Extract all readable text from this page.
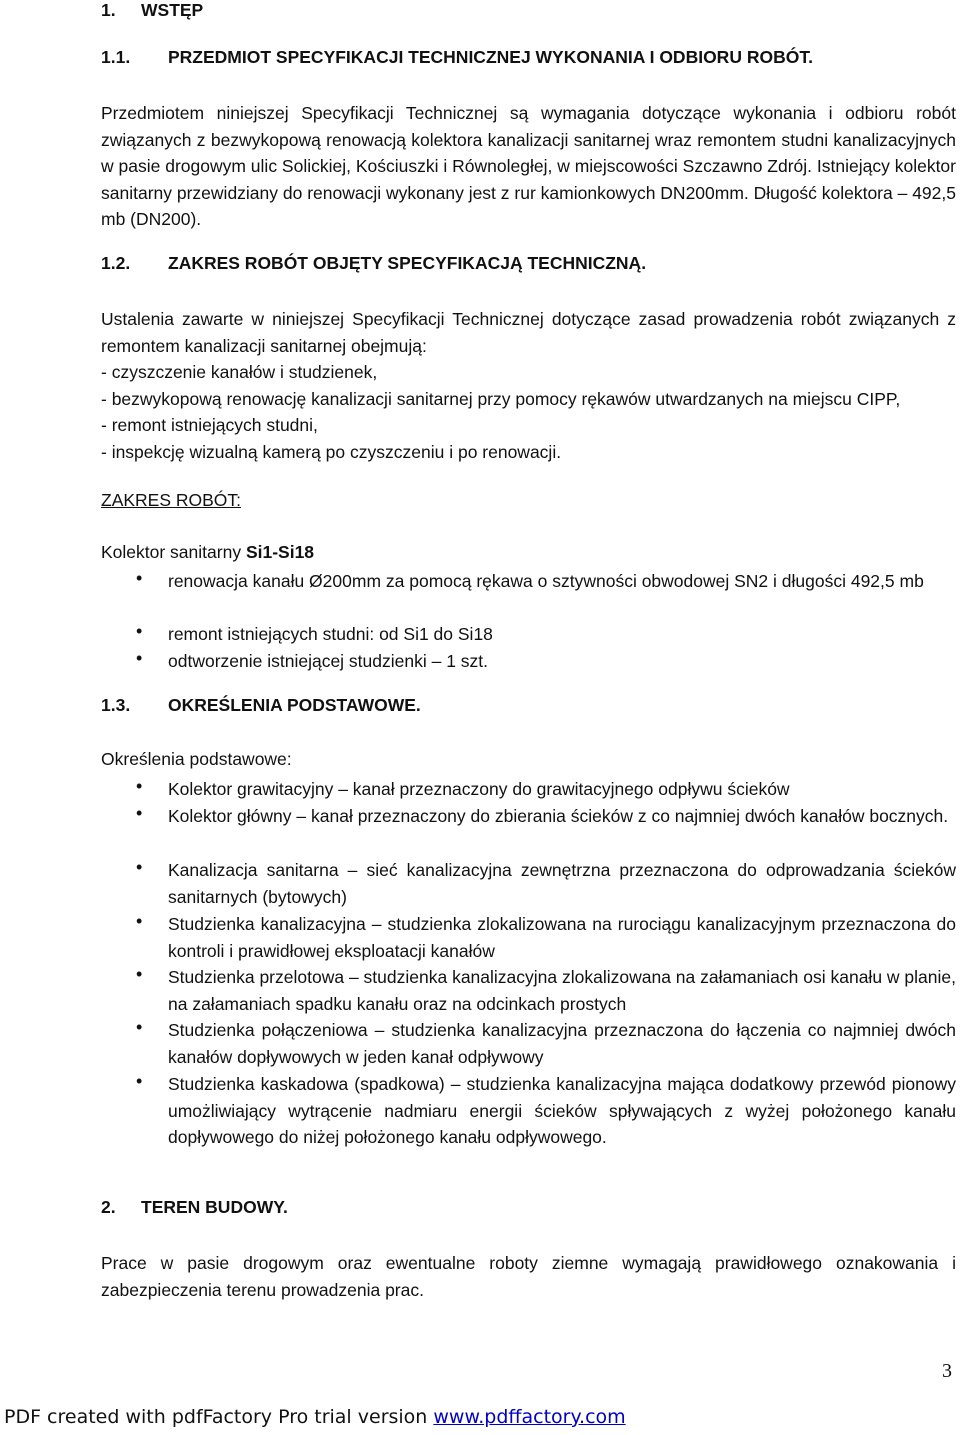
1. WSTĘP
1.1. PRZEDMIOT SPECYFIKACJI TECHNICZNEJ WYKONANIA I ODBIORU ROBÓT.
Przedmiotem niniejszej Specyfikacji Technicznej są wymagania dotyczące wykonania i odbioru robót związanych z bezwykopową renowacją kolektora kanalizacji sanitarnej wraz remontem studni kanalizacyjnych w pasie drogowym ulic Solickiej, Kościuszki i Równoległej, w miejscowości Szczawno Zdrój. Istniejący kolektor sanitarny przewidziany do renowacji wykonany jest z rur kamionkowych DN200mm. Długość kolektora – 492,5 mb (DN200).
1.2. ZAKRES ROBÓT OBJĘTY SPECYFIKACJĄ TECHNICZNĄ.
Ustalenia zawarte w niniejszej Specyfikacji Technicznej dotyczące zasad prowadzenia robót związanych z remontem kanalizacji sanitarnej obejmują:
- czyszczenie kanałów i studzienek,
- bezwykopową renowację kanalizacji sanitarnej przy pomocy rękawów utwardzanych na miejscu CIPP,
- remont istniejących studni,
- inspekcję wizualną kamerą po czyszczeniu i po renowacji.
ZAKRES ROBÓT:
Kolektor sanitarny Si1-Si18
• renowacja kanału Ø200mm za pomocą rękawa o sztywności obwodowej SN2 i długości 492,5 mb
• remont istniejących studni: od Si1 do Si18
• odtworzenie istniejącej studzienki – 1 szt.
1.3. OKREŚLENIA PODSTAWOWE.
Określenia podstawowe:
• Kolektor grawitacyjny – kanał przeznaczony do grawitacyjnego odpływu ścieków
• Kolektor główny – kanał przeznaczony do zbierania ścieków z co najmniej dwóch kanałów bocznych.
• Kanalizacja sanitarna – sieć kanalizacyjna zewnętrzna przeznaczona do odprowadzania ścieków sanitarnych (bytowych)
• Studzienka kanalizacyjna – studzienka zlokalizowana na rurociągu kanalizacyjnym przeznaczona do kontroli i prawidłowej eksploatacji kanałów
• Studzienka przelotowa – studzienka kanalizacyjna zlokalizowana na załamaniach osi kanału w planie, na załamaniach spadku kanału oraz na odcinkach prostych
• Studzienka połączeniowa – studzienka kanalizacyjna przeznaczona do łączenia co najmniej dwóch kanałów dopływowych w jeden kanał odpływowy
• Studzienka kaskadowa (spadkowa) – studzienka kanalizacyjna mająca dodatkowy przewód pionowy umożliwiający wytrącenie nadmiaru energii ścieków spływających z wyżej położonego kanału dopływowego do niżej położonego kanału odpływowego.
2. TEREN BUDOWY.
Prace w pasie drogowym oraz ewentualne roboty ziemne wymagają prawidłowego oznakowania i zabezpieczenia terenu prowadzenia prac.
3
PDF created with pdfFactory Pro trial version www.pdffactory.com
